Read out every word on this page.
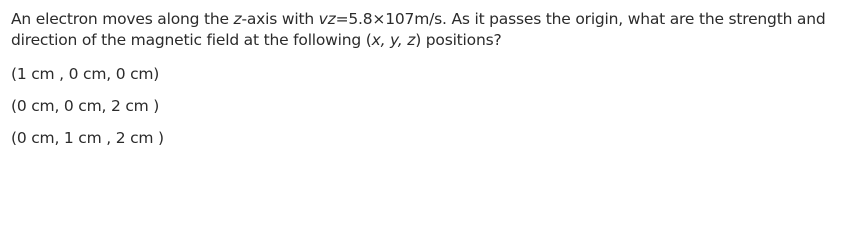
An electron moves along the z-axis with vz=5.8×107m/s. As it passes the origin, what are the strength and direction of the magnetic field at the following (x, y, z) positions?

(1 cm , 0 cm, 0 cm)
(0 cm, 0 cm, 2 cm )
(0 cm, 1 cm , 2 cm )
